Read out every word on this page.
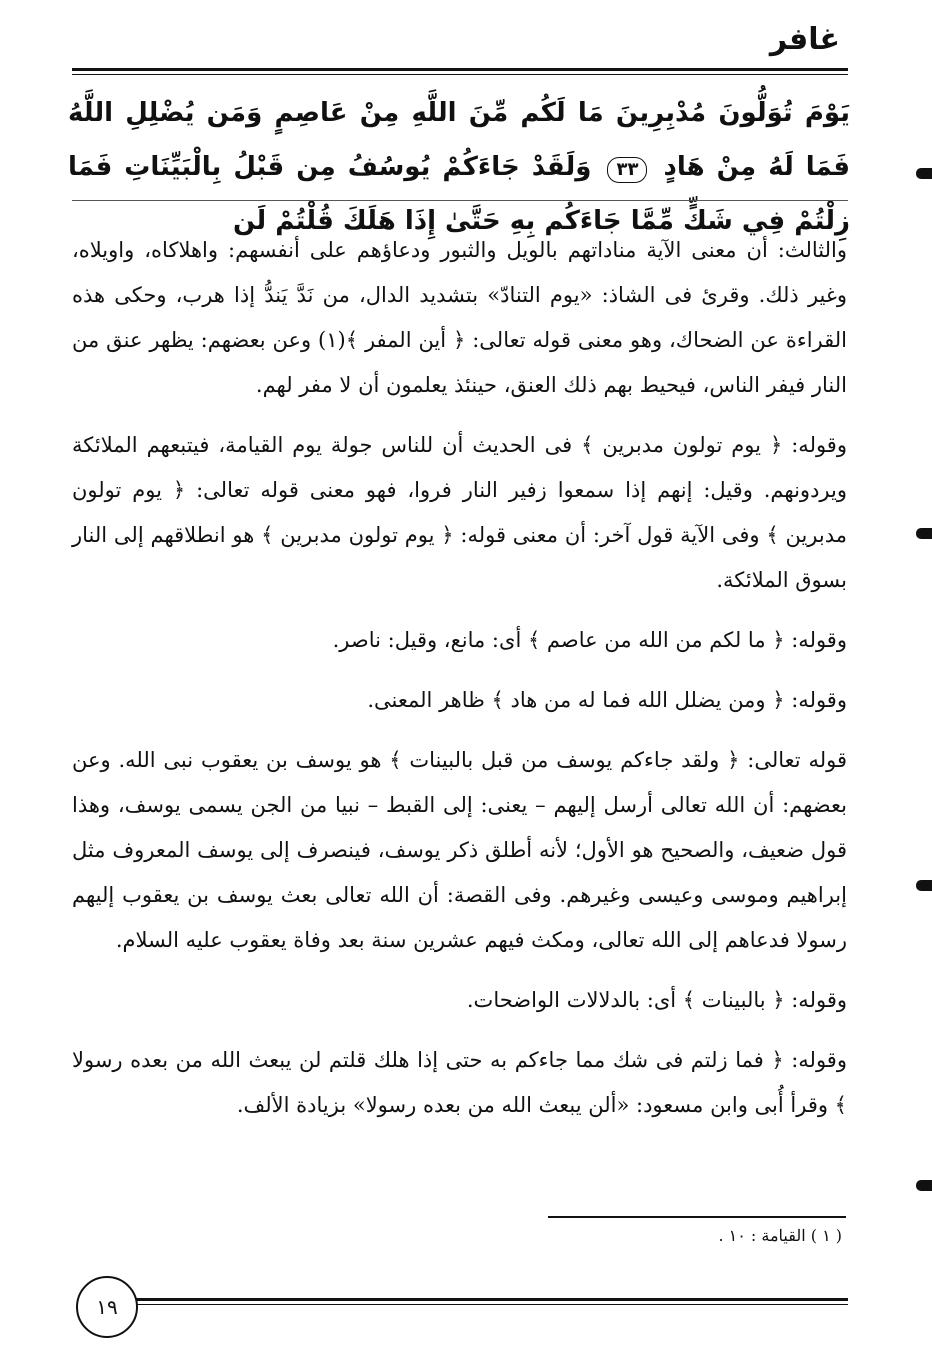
غافر
يَوْمَ تُوَلُّونَ مُدْبِرِينَ مَا لَكُم مِّنَ اللَّهِ مِنْ عَاصِمٍ وَمَن يُضْلِلِ اللَّهُ فَمَا لَهُ مِنْ هَادٍ ٣٣ وَلَقَدْ جَاءَكُمْ يُوسُفُ مِن قَبْلُ بِالْبَيِّنَاتِ فَمَا زِلْتُمْ فِي شَكٍّ مِّمَّا جَاءَكُم بِهِ حَتَّىٰ إِذَا هَلَكَ قُلْتُمْ لَن

والثالث: أن معنى الآية مناداتهم بالويل والثبور ودعاؤهم على أنفسهم: واهلاكاه، واويلاه، وغير ذلك. وقرئ فى الشاذ: «يوم التنادّ» بتشديد الدال، من نَدَّ يَندُّ إذا هرب، وحكى هذه القراءة عن الضحاك، وهو معنى قوله تعالى: ﴿ أين المفر ﴾(١) وعن بعضهم: يظهر عنق من النار فيفر الناس، فيحيط بهم ذلك العنق، حينئذ يعلمون أن لا مفر لهم.

وقوله: ﴿ يوم تولون مدبرين ﴾ فى الحديث أن للناس جولة يوم القيامة، فيتبعهم الملائكة ويردونهم. وقيل: إنهم إذا سمعوا زفير النار فروا، فهو معنى قوله تعالى: ﴿ يوم تولون مدبرين ﴾ وفى الآية قول آخر: أن معنى قوله: ﴿ يوم تولون مدبرين ﴾ هو انطلاقهم إلى النار بسوق الملائكة.

وقوله: ﴿ ما لكم من الله من عاصم ﴾ أى: مانع، وقيل: ناصر.

وقوله: ﴿ ومن يضلل الله فما له من هاد ﴾ ظاهر المعنى.

قوله تعالى: ﴿ ولقد جاءكم يوسف من قبل بالبينات ﴾ هو يوسف بن يعقوب نبى الله. وعن بعضهم: أن الله تعالى أرسل إليهم – يعنى: إلى القبط – نبيا من الجن يسمى يوسف، وهذا قول ضعيف، والصحيح هو الأول؛ لأنه أطلق ذكر يوسف، فينصرف إلى يوسف المعروف مثل إبراهيم وموسى وعيسى وغيرهم. وفى القصة: أن الله تعالى بعث يوسف بن يعقوب إليهم رسولا فدعاهم إلى الله تعالى، ومكث فيهم عشرين سنة بعد وفاة يعقوب عليه السلام.

وقوله: ﴿ بالبينات ﴾ أى: بالدلالات الواضحات.

وقوله: ﴿ فما زلتم فى شك مما جاءكم به حتى إذا هلك قلتم لن يبعث الله من بعده رسولا ﴾ وقرأ أُبى وابن مسعود: «ألن يبعث الله من بعده رسولا» بزيادة الألف.

( ١ ) القيامة : ١٠ .
١٩
